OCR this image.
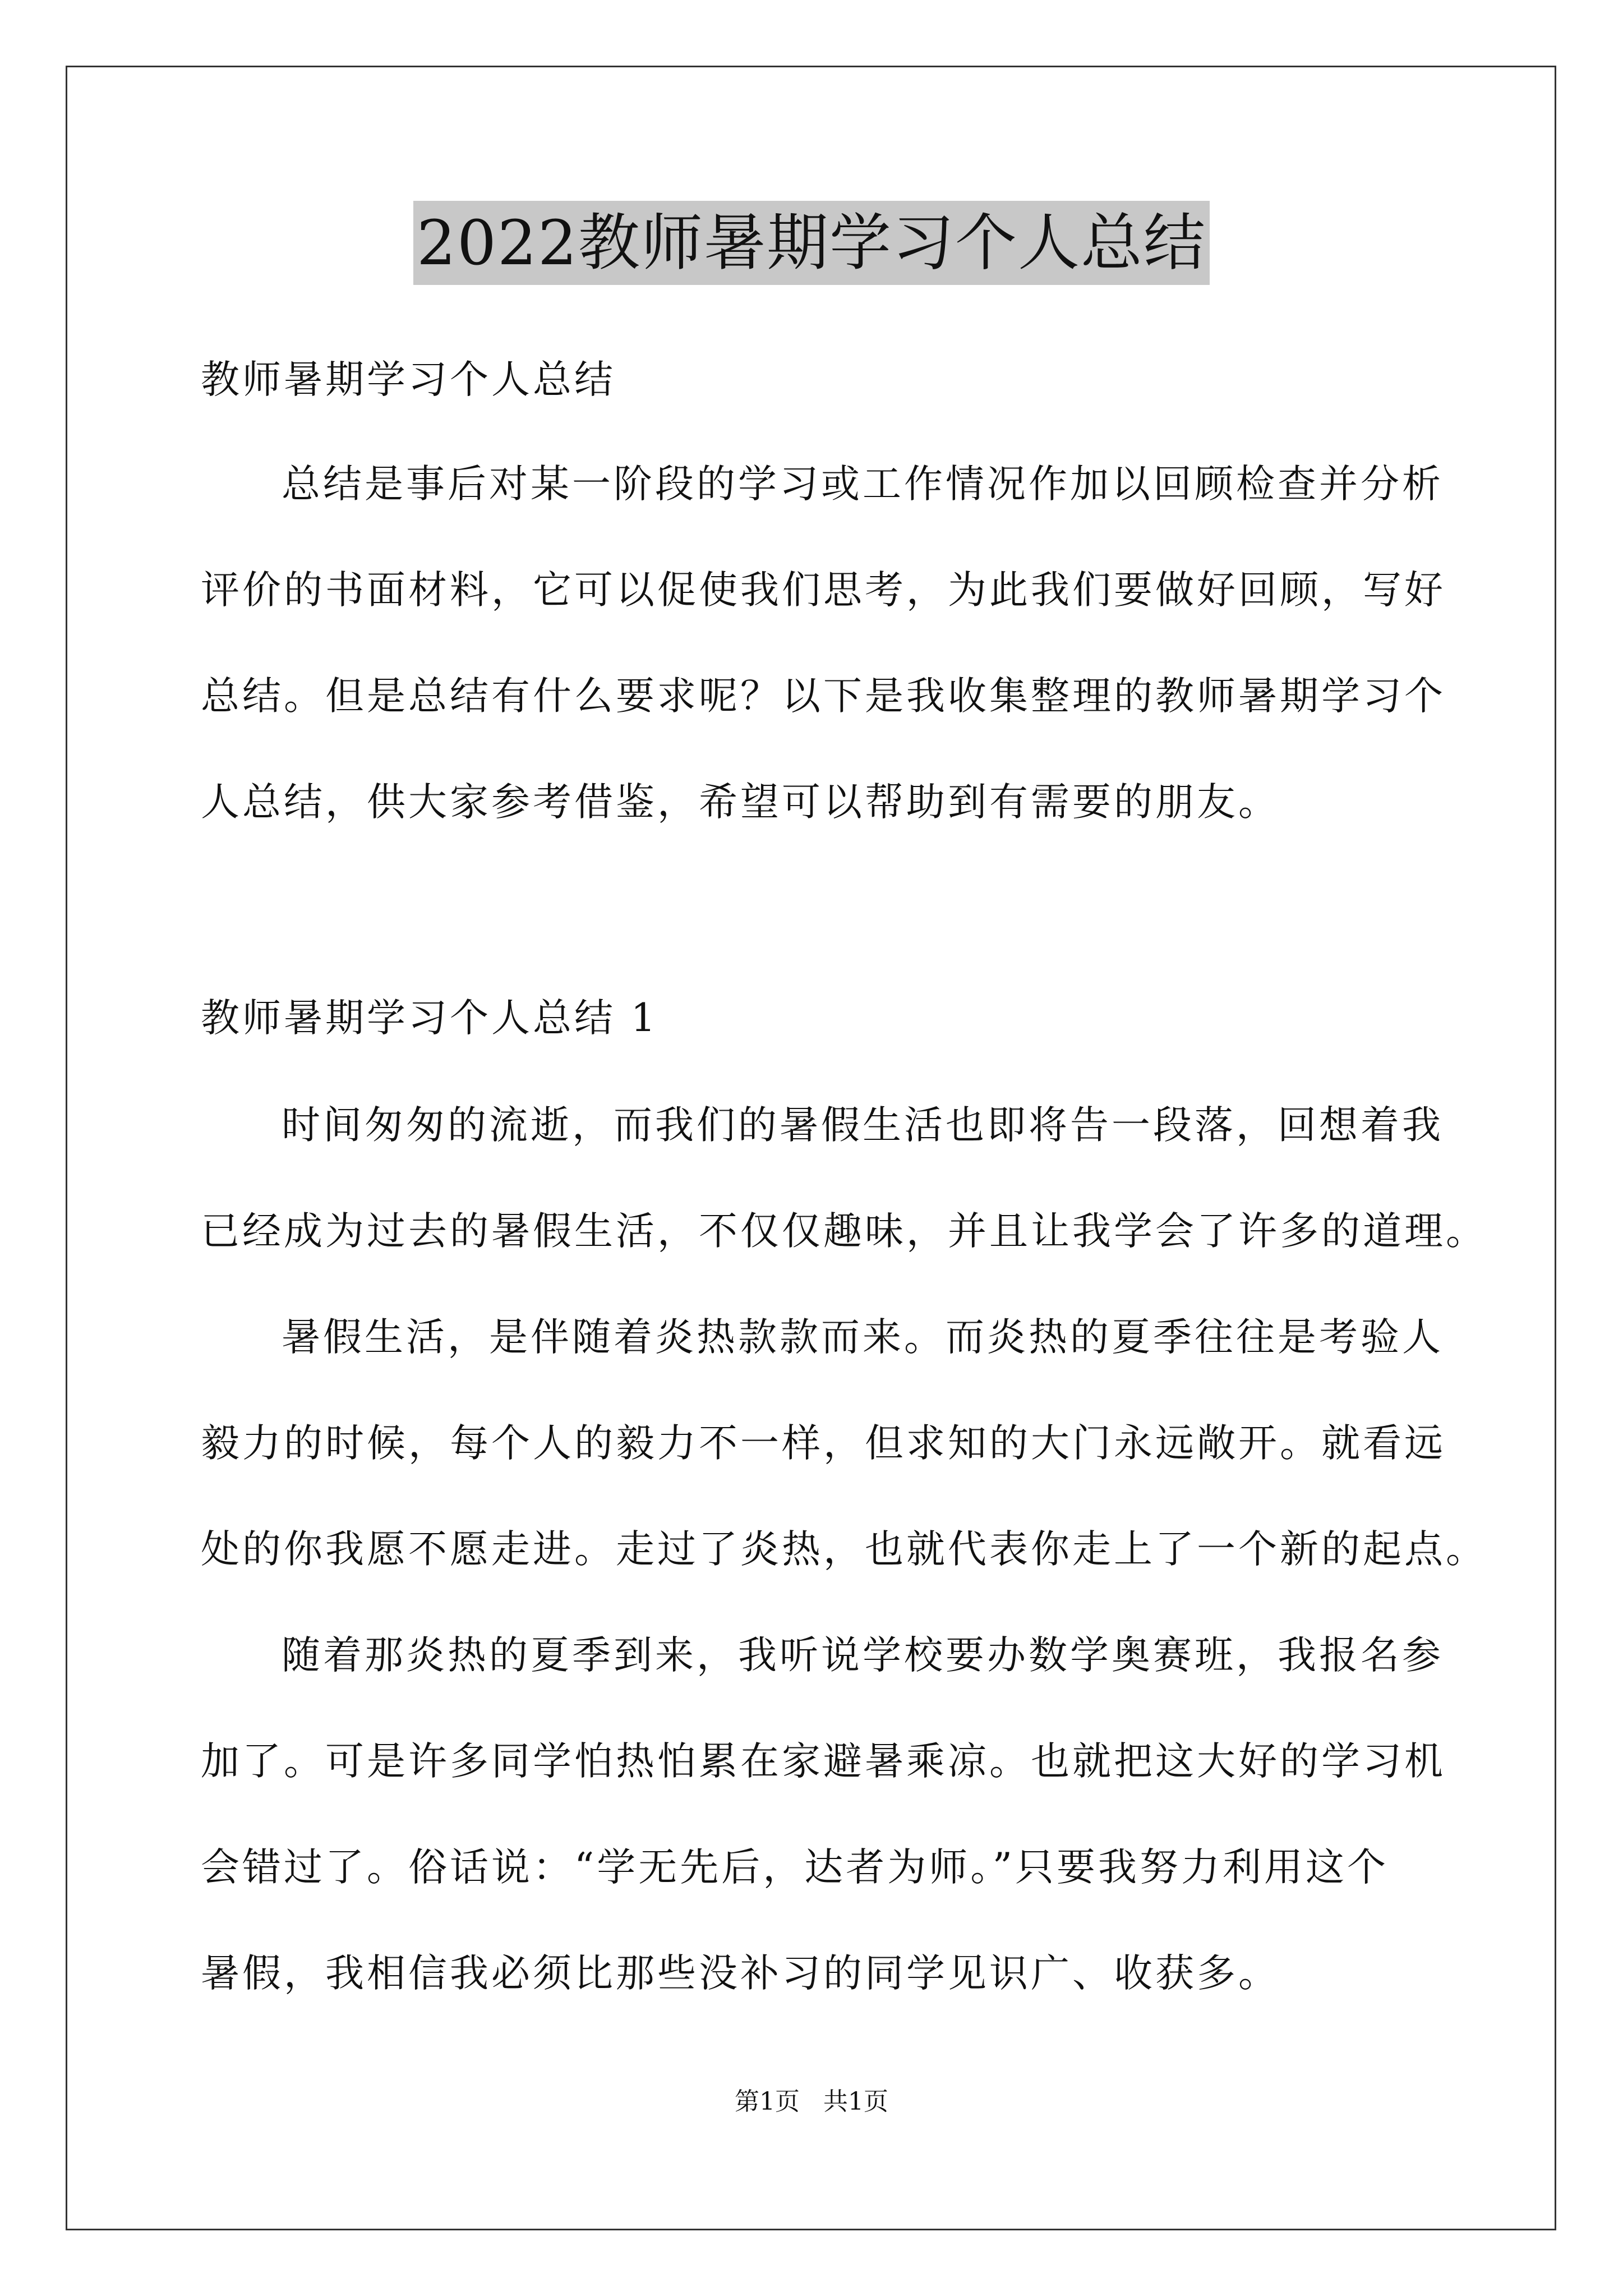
2022教师暑期学习个人总结
教师暑期学习个人总结
总结是事后对某一阶段的学习或工作情况作加以回顾检查并分析
评价的书面材料，它可以促使我们思考，为此我们要做好回顾，写好
总结。但是总结有什么要求呢？以下是我收集整理的教师暑期学习个
人总结，供大家参考借鉴，希望可以帮助到有需要的朋友。
教师暑期学习个人总结 1
时间匆匆的流逝，而我们的暑假生活也即将告一段落，回想着我
已经成为过去的暑假生活，不仅仅趣味，并且让我学会了许多的道理。
暑假生活，是伴随着炎热款款而来。而炎热的夏季往往是考验人
毅力的时候，每个人的毅力不一样，但求知的大门永远敞开。就看远
处的你我愿不愿走进。走过了炎热，也就代表你走上了一个新的起点。
随着那炎热的夏季到来，我听说学校要办数学奥赛班，我报名参
加了。可是许多同学怕热怕累在家避暑乘凉。也就把这大好的学习机
会错过了。俗话说：“学无先后，达者为师。”只要我努力利用这个
暑假，我相信我必须比那些没补习的同学见识广、收获多。
第1页 共1页
